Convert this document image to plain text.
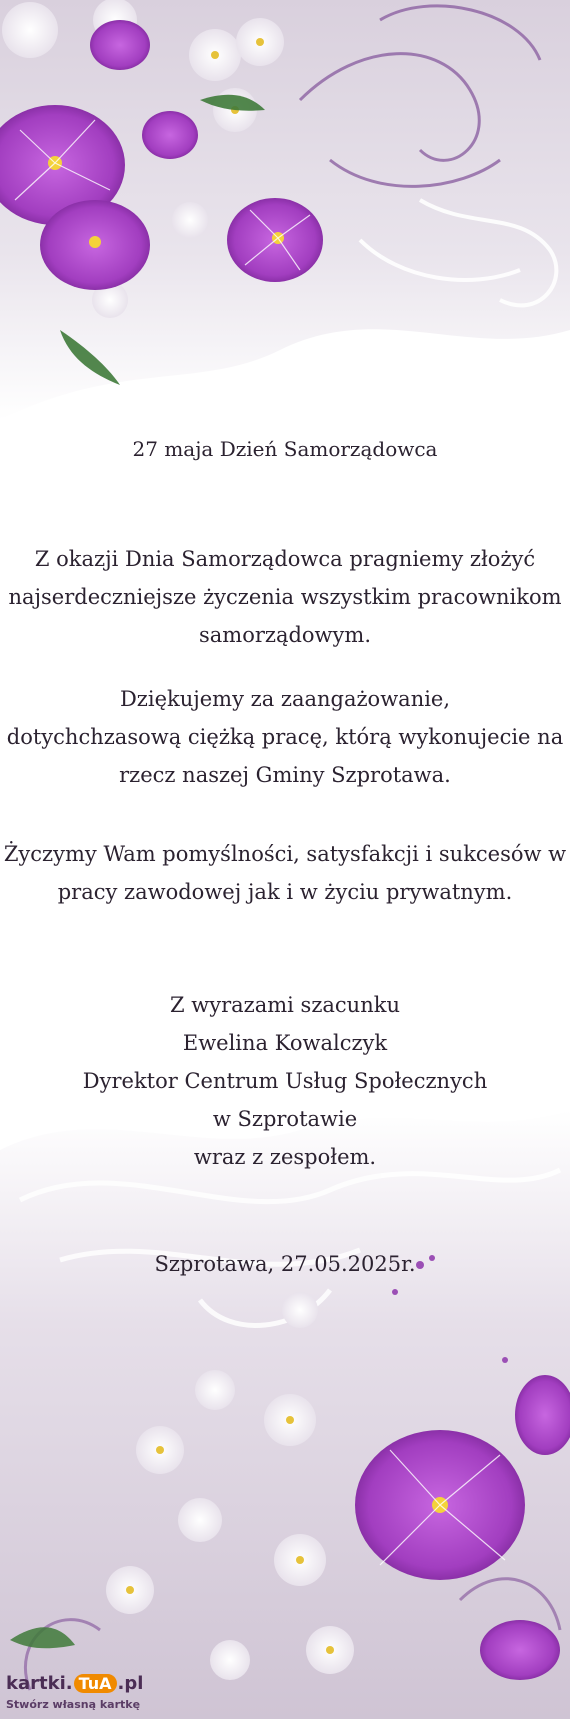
27 maja Dzień Samorządowca
Z okazji Dnia Samorządowca pragniemy złożyć
najserdeczniejsze życzenia wszystkim pracownikom
samorządowym.
Dziękujemy za zaangażowanie,
dotychchzasową ciężką pracę, którą wykonujecie na
rzecz naszej Gminy Szprotawa.
Życzymy Wam pomyślności, satysfakcji i sukcesów w
pracy zawodowej jak i w życiu prywatnym.
Z wyrazami szacunku
Ewelina Kowalczyk
Dyrektor Centrum Usług Społecznych
w Szprotawie
wraz z zespołem.
Szprotawa, 27.05.2025r.
kartki. TuA .pl
Stwórz własną kartkę
